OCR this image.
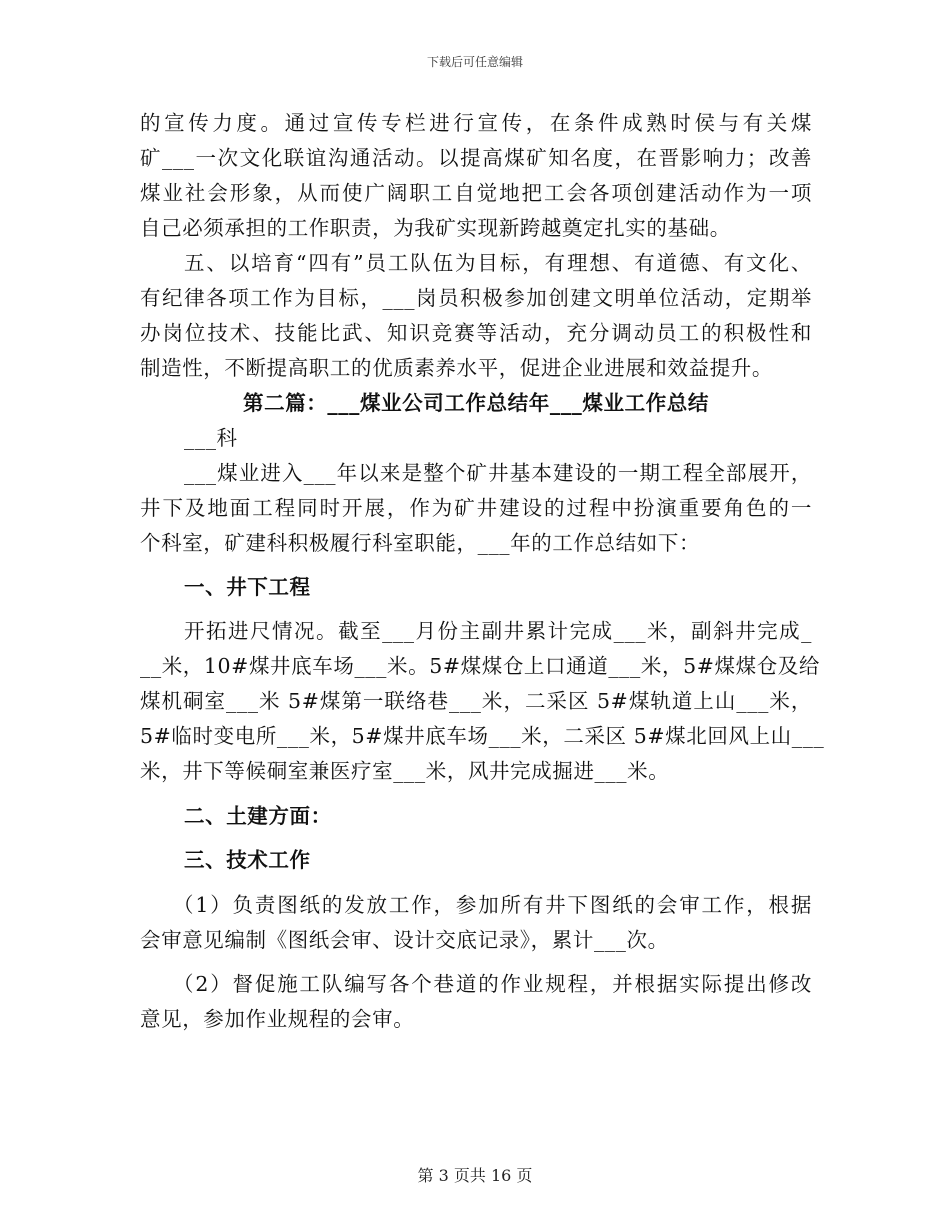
下载后可任意编辑
的宣传力度。通过宣传专栏进行宣传，在条件成熟时侯与有关煤
矿___一次文化联谊沟通活动。以提高煤矿知名度，在晋影响力；改善
煤业社会形象，从而使广阔职工自觉地把工会各项创建活动作为一项
自己必须承担的工作职责，为我矿实现新跨越奠定扎实的基础。
五、以培育“四有”员工队伍为目标，有理想、有道德、有文化、
有纪律各项工作为目标，___岗员积极参加创建文明单位活动，定期举
办岗位技术、技能比武、知识竞赛等活动，充分调动员工的积极性和
制造性，不断提高职工的优质素养水平，促进企业进展和效益提升。
第二篇：___煤业公司工作总结年___煤业工作总结
___科
___煤业进入___年以来是整个矿井基本建设的一期工程全部展开，
井下及地面工程同时开展，作为矿井建设的过程中扮演重要角色的一
个科室，矿建科积极履行科室职能，___年的工作总结如下：
一、井下工程
开拓进尺情况。截至___月份主副井累计完成___米，副斜井完成_
__米，10#煤井底车场___米。5#煤煤仓上口通道___米，5#煤煤仓及给
煤机硐室___米 5#煤第一联络巷___米，二采区 5#煤轨道上山___米，
5#临时变电所___米，5#煤井底车场___米，二采区 5#煤北回风上山___
米，井下等候硐室兼医疗室___米，风井完成掘进___米。
二、土建方面：
三、技术工作
（1）负责图纸的发放工作，参加所有井下图纸的会审工作，根据
会审意见编制《图纸会审、设计交底记录》，累计___次。
（2）督促施工队编写各个巷道的作业规程，并根据实际提出修改
意见，参加作业规程的会审。
第 3 页共 16 页
